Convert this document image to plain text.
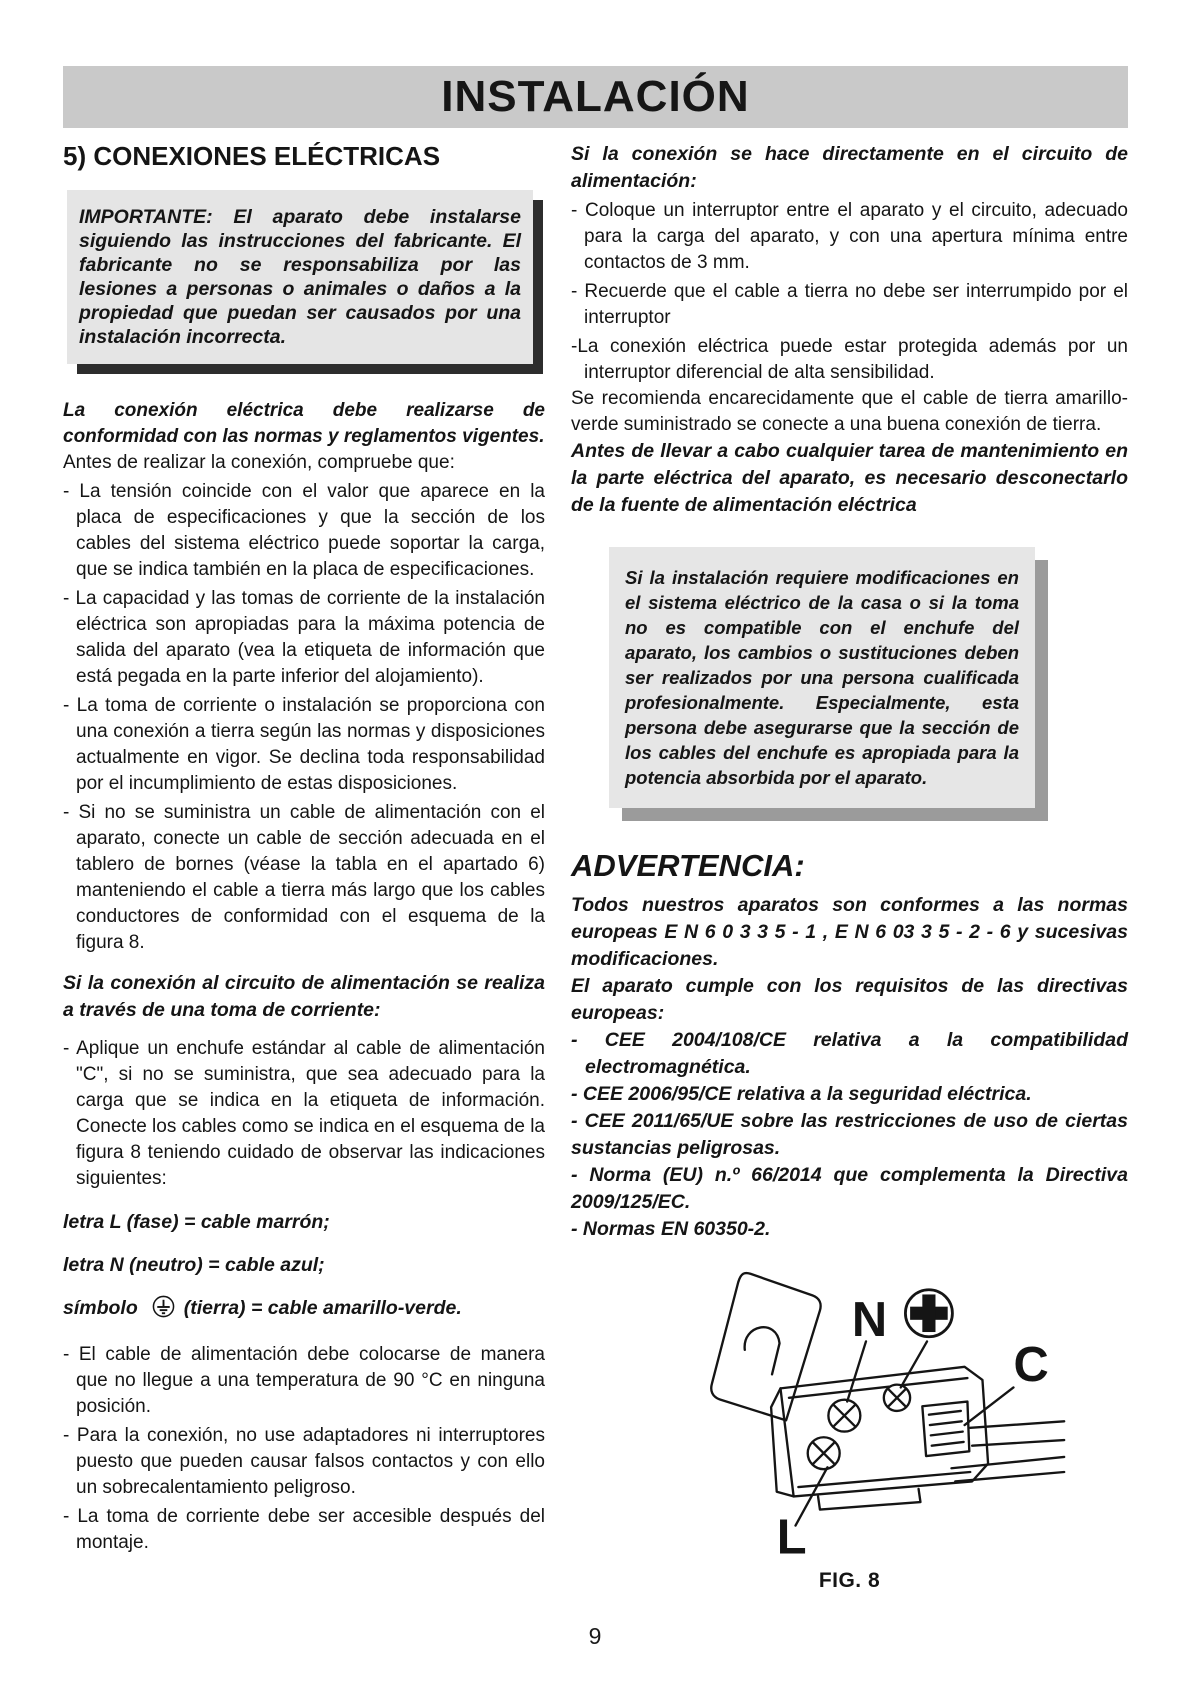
INSTALACIÓN
5) CONEXIONES ELÉCTRICAS
IMPORTANTE: El aparato debe instalarse siguiendo las instrucciones del fabricante. El fabricante no se responsabiliza por las lesiones a personas o animales o daños a la propiedad que puedan ser causados por una instalación incorrecta.

La conexión eléctrica debe realizarse de conformidad con las normas y reglamentos vigentes.

Antes de realizar la conexión, compruebe que:

- La tensión coincide con el valor que aparece en la placa de especificaciones y que la sección de los cables del sistema eléctrico puede soportar la carga, que se indica también en la placa de especificaciones.

- La capacidad y las tomas de corriente de la instalación eléctrica son apropiadas para la máxima potencia de salida del aparato (vea la etiqueta de información que está pegada en la parte inferior del alojamiento).

- La toma de corriente o instalación se proporciona con una conexión a tierra según las normas y disposiciones actualmente en vigor. Se declina toda responsabilidad por el incumplimiento de estas disposiciones.

- Si no se suministra un cable de alimentación con el aparato, conecte un cable de sección adecuada en el tablero de bornes (véase la tabla en el apartado 6) manteniendo el cable a tierra más largo que los cables conductores de conformidad con el esquema de la figura 8.

Si la conexión al circuito de alimentación se realiza a través de una toma de corriente:

- Aplique un enchufe estándar al cable de alimentación "C", si no se suministra, que sea adecuado para la carga que se indica en la etiqueta de información. Conecte los cables como se indica en el esquema de la figura 8 teniendo cuidado de observar las indicaciones siguientes:

letra L (fase) = cable marrón;

letra N (neutro) = cable azul;

símbolo (tierra) = cable amarillo-verde.

- El cable de alimentación debe colocarse de manera que no llegue a una temperatura de 90 °C en ninguna posición.

- Para la conexión, no use adaptadores ni interruptores puesto que pueden causar falsos contactos y con ello un sobrecalentamiento peligroso.

- La toma de corriente debe ser accesible después del montaje.

Si la conexión se hace directamente en el circuito de alimentación:

- Coloque un interruptor entre el aparato y el circuito, adecuado para la carga del aparato, y con una apertura mínima entre contactos de 3 mm.

- Recuerde que el cable a tierra no debe ser interrumpido por el interruptor

-La conexión eléctrica puede estar protegida además por un interruptor diferencial de alta sensibilidad.

Se recomienda encarecidamente que el cable de tierra amarillo-verde suministrado se conecte a una buena conexión de tierra.

Antes de llevar a cabo cualquier tarea de mantenimiento en la parte eléctrica del aparato, es necesario desconectarlo de la fuente de alimentación eléctrica

Si la instalación requiere modificaciones en el sistema eléctrico de la casa o si la toma no es compatible con el enchufe del aparato, los cambios o sustituciones deben ser realizados por una persona cualificada profesionalmente. Especialmente, esta persona debe asegurarse que la sección de los cables del enchufe es apropiada para la potencia absorbida por el aparato.
ADVERTENCIA:

Todos nuestros aparatos son conformes a las normas europeas E N 6 0 3 3 5 - 1 , E N 6 03 3 5 - 2 - 6 y sucesivas modificaciones.

El aparato cumple con los requisitos de las directivas europeas:

- CEE 2004/108/CE relativa a la compatibilidad electromagnética.

- CEE 2006/95/CE relativa a la seguridad eléctrica.

- CEE 2011/65/UE sobre las restricciones de uso de ciertas sustancias peligrosas.

- Norma (EU) n.º 66/2014 que complementa la Directiva 2009/125/EC.

- Normas EN 60350-2.

N
C
L
FIG. 8
9
